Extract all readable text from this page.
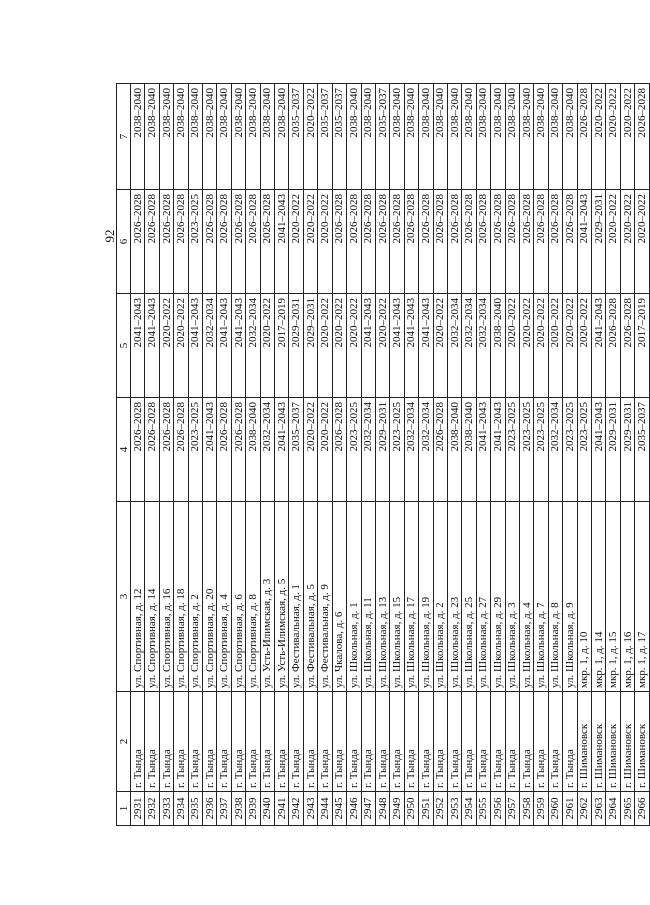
92
1	2	3	4	5	6	7
2931	г. Тында	ул. Спортивная, д. 12	2026–2028	2041–2043	2026–2028	2038–2040
2932	г. Тында	ул. Спортивная, д. 14	2026–2028	2041–2043	2026–2028	2038–2040
2933	г. Тында	ул. Спортивная, д. 16	2026–2028	2020–2022	2026–2028	2038–2040
2934	г. Тында	ул. Спортивная, д. 18	2026–2028	2020–2022	2026–2028	2038–2040
2935	г. Тында	ул. Спортивная, д. 2	2023–2025	2041–2043	2023–2025	2038–2040
2936	г. Тында	ул. Спортивная, д. 20	2041–2043	2032–2034	2026–2028	2038–2040
2937	г. Тында	ул. Спортивная, д. 4	2026–2028	2041–2043	2026–2028	2038–2040
2938	г. Тында	ул. Спортивная, д. 6	2026–2028	2041–2043	2026–2028	2038–2040
2939	г. Тында	ул. Спортивная, д. 8	2038–2040	2032–2034	2026–2028	2038–2040
2940	г. Тында	ул. Усть-Илимская, д. 3	2032–2034	2020–2022	2026–2028	2038–2040
2941	г. Тында	ул. Усть-Илимская, д. 5	2041–2043	2017–2019	2041–2043	2038–2040
2942	г. Тында	ул. Фестивальная, д. 1	2035–2037	2029–2031	2020–2022	2035–2037
2943	г. Тында	ул. Фестивальная, д. 5	2020–2022	2029–2031	2020–2022	2020–2022
2944	г. Тында	ул. Фестивальная, д. 9	2020–2022	2020–2022	2020–2022	2035–2037
2945	г. Тында	ул. Чкалова, д. 6	2026–2028	2020–2022	2026–2028	2035–2037
2946	г. Тында	ул. Школьная, д. 1	2023–2025	2020–2022	2026–2028	2038–2040
2947	г. Тында	ул. Школьная, д. 11	2032–2034	2041–2043	2026–2028	2038–2040
2948	г. Тында	ул. Школьная, д. 13	2029–2031	2020–2022	2026–2028	2035–2037
2949	г. Тында	ул. Школьная, д. 15	2023–2025	2041–2043	2026–2028	2038–2040
2950	г. Тында	ул. Школьная, д. 17	2032–2034	2041–2043	2026–2028	2038–2040
2951	г. Тында	ул. Школьная, д. 19	2032–2034	2041–2043	2026–2028	2038–2040
2952	г. Тында	ул. Школьная, д. 2	2026–2028	2020–2022	2026–2028	2038–2040
2953	г. Тында	ул. Школьная, д. 23	2038–2040	2032–2034	2026–2028	2038–2040
2954	г. Тында	ул. Школьная, д. 25	2038–2040	2032–2034	2026–2028	2038–2040
2955	г. Тында	ул. Школьная, д. 27	2041–2043	2032–2034	2026–2028	2038–2040
2956	г. Тында	ул. Школьная, д. 29	2041–2043	2038–2040	2026–2028	2038–2040
2957	г. Тында	ул. Школьная, д. 3	2023–2025	2020–2022	2026–2028	2038–2040
2958	г. Тында	ул. Школьная, д. 4	2023–2025	2020–2022	2026–2028	2038–2040
2959	г. Тында	ул. Школьная, д. 7	2023–2025	2020–2022	2026–2028	2038–2040
2960	г. Тында	ул. Школьная, д. 8	2032–2034	2020–2022	2026–2028	2038–2040
2961	г. Тында	ул. Школьная, д. 9	2023–2025	2020–2022	2026–2028	2038–2040
2962	г. Шимановск	мкр. 1, д. 10	2023–2025	2020–2022	2041–2043	2026–2028
2963	г. Шимановск	мкр. 1, д. 14	2041–2043	2041–2043	2029–2031	2020–2022
2964	г. Шимановск	мкр. 1, д. 15	2029–2031	2026–2028	2020–2022	2020–2022
2965	г. Шимановск	мкр. 1, д. 16	2029–2031	2026–2028	2020–2022	2020–2022
2966	г. Шимановск	мкр. 1, д. 17	2035–2037	2017–2019	2020–2022	2026–2028
